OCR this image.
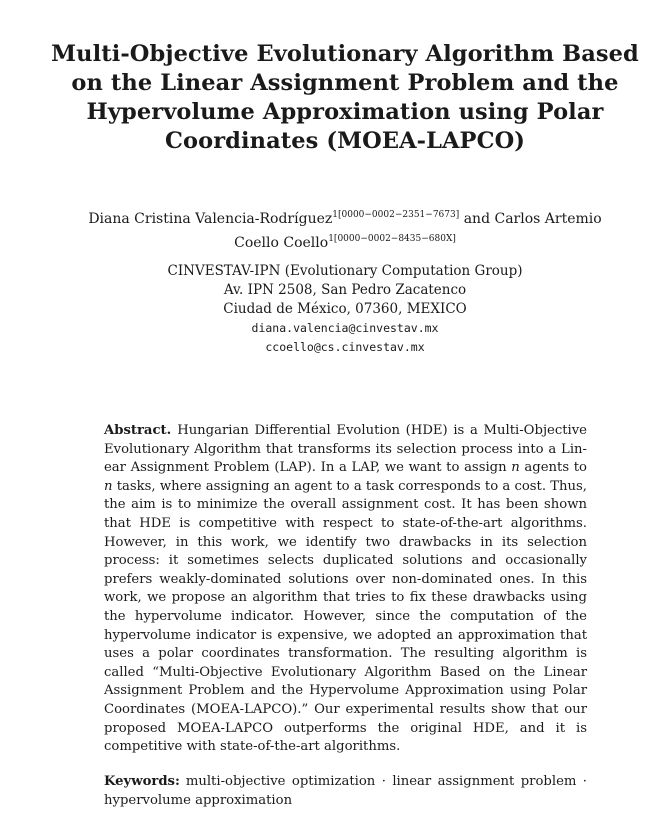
Multi-Objective Evolutionary Algorithm Based
on the Linear Assignment Problem and the
Hypervolume Approximation using Polar
Coordinates (MOEA-LAPCO)
Diana Cristina Valencia-Rodríguez$^{1[0000-0002-2351-7673]}$ and Carlos Artemio
Coello Coello$^{1[0000-0002-8435-680X]}$
CINVESTAV-IPN (Evolutionary Computation Group)
Av. IPN 2508, San Pedro Zacatenco
Ciudad de México, 07360, MEXICO
diana.valencia@cinvestav.mx
ccoello@cs.cinvestav.mx
Abstract. Hungarian Differential Evolution (HDE) is a Multi-Objective Evolutionary Algorithm that transforms its selection process into a Linear Assignment Problem (LAP). In a LAP, we want to assign n agents to n tasks, where assigning an agent to a task corresponds to a cost. Thus, the aim is to minimize the overall assignment cost. It has been shown that HDE is competitive with respect to state-of-the-art algorithms. However, in this work, we identify two drawbacks in its selection process: it sometimes selects duplicated solutions and occasionally prefers weakly-dominated solutions over non-dominated ones. In this work, we propose an algorithm that tries to fix these drawbacks using the hypervolume indicator. However, since the computation of the hypervolume indicator is expensive, we adopted an approximation that uses a polar coordinates transformation. The resulting algorithm is called “Multi-Objective Evolutionary Algorithm Based on the Linear Assignment Problem and the Hypervolume Approximation using Polar Coordinates (MOEA-LAPCO).” Our experimental results show that our proposed MOEA-LAPCO outperforms the original HDE, and it is competitive with state-of-the-art algorithms.
Keywords: multi-objective optimization · linear assignment problem · hypervolume approximation
